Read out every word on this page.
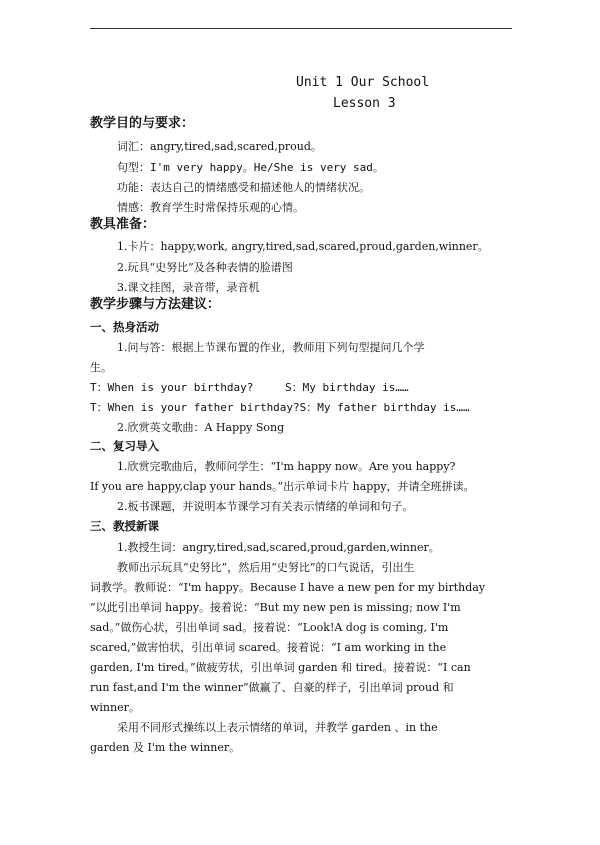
Unit 1 Our School
Lesson 3
教学目的与要求：
词汇：angry,tired,sad,scared,proud。
句型：I'm very happy。He/She is very sad。
功能：表达自己的情绪感受和描述他人的情绪状况。
情感：教育学生时常保持乐观的心情。
教具准备：
1.卡片：happy,work, angry,tired,sad,scared,proud,garden,winner。
2.玩具“史努比”及各种表情的脸谱图
3.课文挂图，录音带，录音机
教学步骤与方法建议：
一、热身活动
1.问与答：根据上节课布置的作业，教师用下列句型提问几个学
生。
T：When is your birthday?	S：My birthday is……
T：When is your father birthday?S：My father birthday is……
2.欣赏英文歌曲：A Happy Song
二、复习导入
1.欣赏完歌曲后，教师问学生：“I'm happy now。Are you happy?
If you are happy,clap your hands。”出示单词卡片 happy，并请全班拼读。
2.板书课题，并说明本节课学习有关表示情绪的单词和句子。
三、教授新课
1.教授生词：angry,tired,sad,scared,proud,garden,winner。
教师出示玩具“史努比”，然后用“史努比”的口气说话，引出生
词教学。教师说：“I'm happy。Because I have a new pen for my birthday
”以此引出单词 happy。接着说：“But my new pen is missing; now I'm
sad。”做伤心状，引出单词 sad。接着说：“Look!A dog is coming, I'm
scared,”做害怕状，引出单词 scared。接着说：“I am working in the
garden, I'm tired。”做疲劳状，引出单词 garden 和 tired。接着说：“I can
run fast,and I'm the winner”做赢了、自豪的样子，引出单词 proud 和
winner。
采用不同形式操练以上表示情绪的单词，并教学 garden 、in the
garden 及 I'm the winner。
